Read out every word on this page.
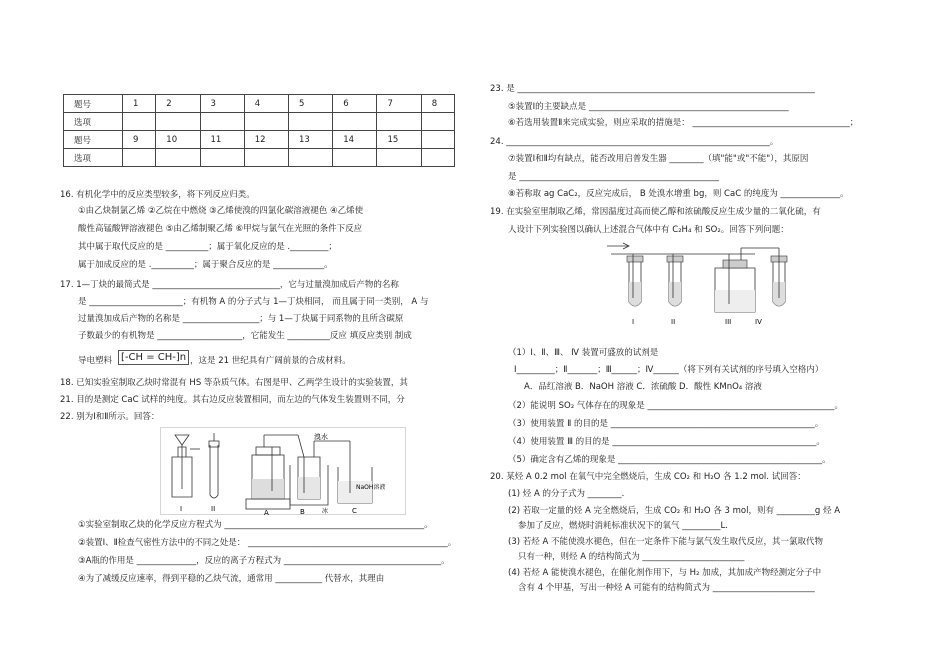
题号	1	2	3	4	5	6	7	8
选项								
题号	9	10	11	12	13	14	15	
选项								
16. 有机化学中的反应类型较多，将下列反应归类。
①由乙炔制氯乙烯 ②乙烷在中燃烧 ③乙烯使溴的四氯化碳溶液褪色 ④乙烯使
酸性高锰酸钾溶液褪色 ⑤由乙烯制聚乙烯 ⑥甲烷与氯气在光照的条件下反应
其中属于取代反应的是 __________；属于氧化反应的是 ._________；
属于加成反应的是 .__________；属于聚合反应的是 ____________。
17. 1—丁炔的最简式是 ______________________________，它与过量溴加成后产物的名称
是 ______________________；有机物 A 的分子式与 1—丁炔相同， 而且属于同一类别， A 与
过量溴加成后产物的名称是 __________________；与 1—丁炔属于同系物的且所含碳原
子数最少的有机物是 ____________________，它能发生 __________反应 填反应类别 制成
导电塑料 [-CH = CH-]n ，这是 21 世纪具有广阔前景的合成材料。
18. 已知实验室制取乙炔时常混有 HS 等杂质气体。右图是甲、乙两学生设计的实验装置，其
21. 目的是测定 CaC 试样的纯度。其右边反应装置相同，而左边的气体发生装置则不同，分
22. 别为Ⅰ和Ⅱ所示。回答：
I	II	A	B	C
溴水
NaOH溶液
冰
①实验室制取乙炔的化学反应方程式为 _______________________________________________。
②装置Ⅰ、Ⅱ检查气密性方法中的不同之处是： _______________________________________________。
③A瓶的作用是 ______________，反应的离子方程式为 _____________________________________。
④为了减缓反应速率，得到平稳的乙炔气流，通常用 ___________ 代替水，其理由
23. 是 ______________________________________________________________________
⑤装置Ⅰ的主要缺点是 _______________________________________________
⑥若选用装置Ⅱ来完成实验，则应采取的措施是： _____________________________________；
24. ______________________________________________________________。
⑦装置Ⅰ和Ⅱ均有缺点，能否改用启普发生器 ________（填"能"或"不能"），其原因
是 _______________________________________________
⑧若称取 ag CaC₂，反应完成后， B 处溴水增重 bg，则 CaC 的纯度为 ______________。
19. 在实验室里制取乙烯，常因温度过高而使乙醇和浓硫酸反应生成少量的二氧化硫，有
人设计下列实验图以确认上述混合气体中有 C₂H₄ 和 SO₂。回答下列问题：
I	II	III	IV
（1）Ⅰ、Ⅱ、Ⅲ、 Ⅳ 装置可盛放的试剂是
Ⅰ_________；Ⅱ_______；Ⅲ______；Ⅳ______（将下列有关试剂的序号填入空格内）
A．品红溶液 B．NaOH 溶液 C．浓硫酸 D．酸性 KMnO₄ 溶液
（2）能说明 SO₂ 气体存在的现象是 ____________________________________________。
（3）使用装置 Ⅱ 的目的是 ________________________________________________。
（4）使用装置 Ⅲ 的目的是 ________________________________________________。
（5）确定含有乙烯的现象是 ________________________________________________。
20. 某烃 A 0.2 mol 在氧气中完全燃烧后，生成 CO₂ 和 H₂O 各 1.2 mol. 试回答：
(1) 烃 A 的分子式为 ________.
(2) 若取一定量的烃 A 完全燃烧后，生成 CO₂ 和 H₂O 各 3 mol，则有 _________g 烃 A
参加了反应，燃烧时消耗标准状况下的氧气 _________L.
(3) 若烃 A 不能使溴水褪色，但在一定条件下能与氯气发生取代反应，其一氯取代物
只有一种，则烃 A 的结构简式为 ________________________
(4) 若烃 A 能使溴水褪色，在催化剂作用下，与 H₂ 加成，其加成产物经测定分子中
含有 4 个甲基，写出一种烃 A 可能有的结构简式为 ________________________
